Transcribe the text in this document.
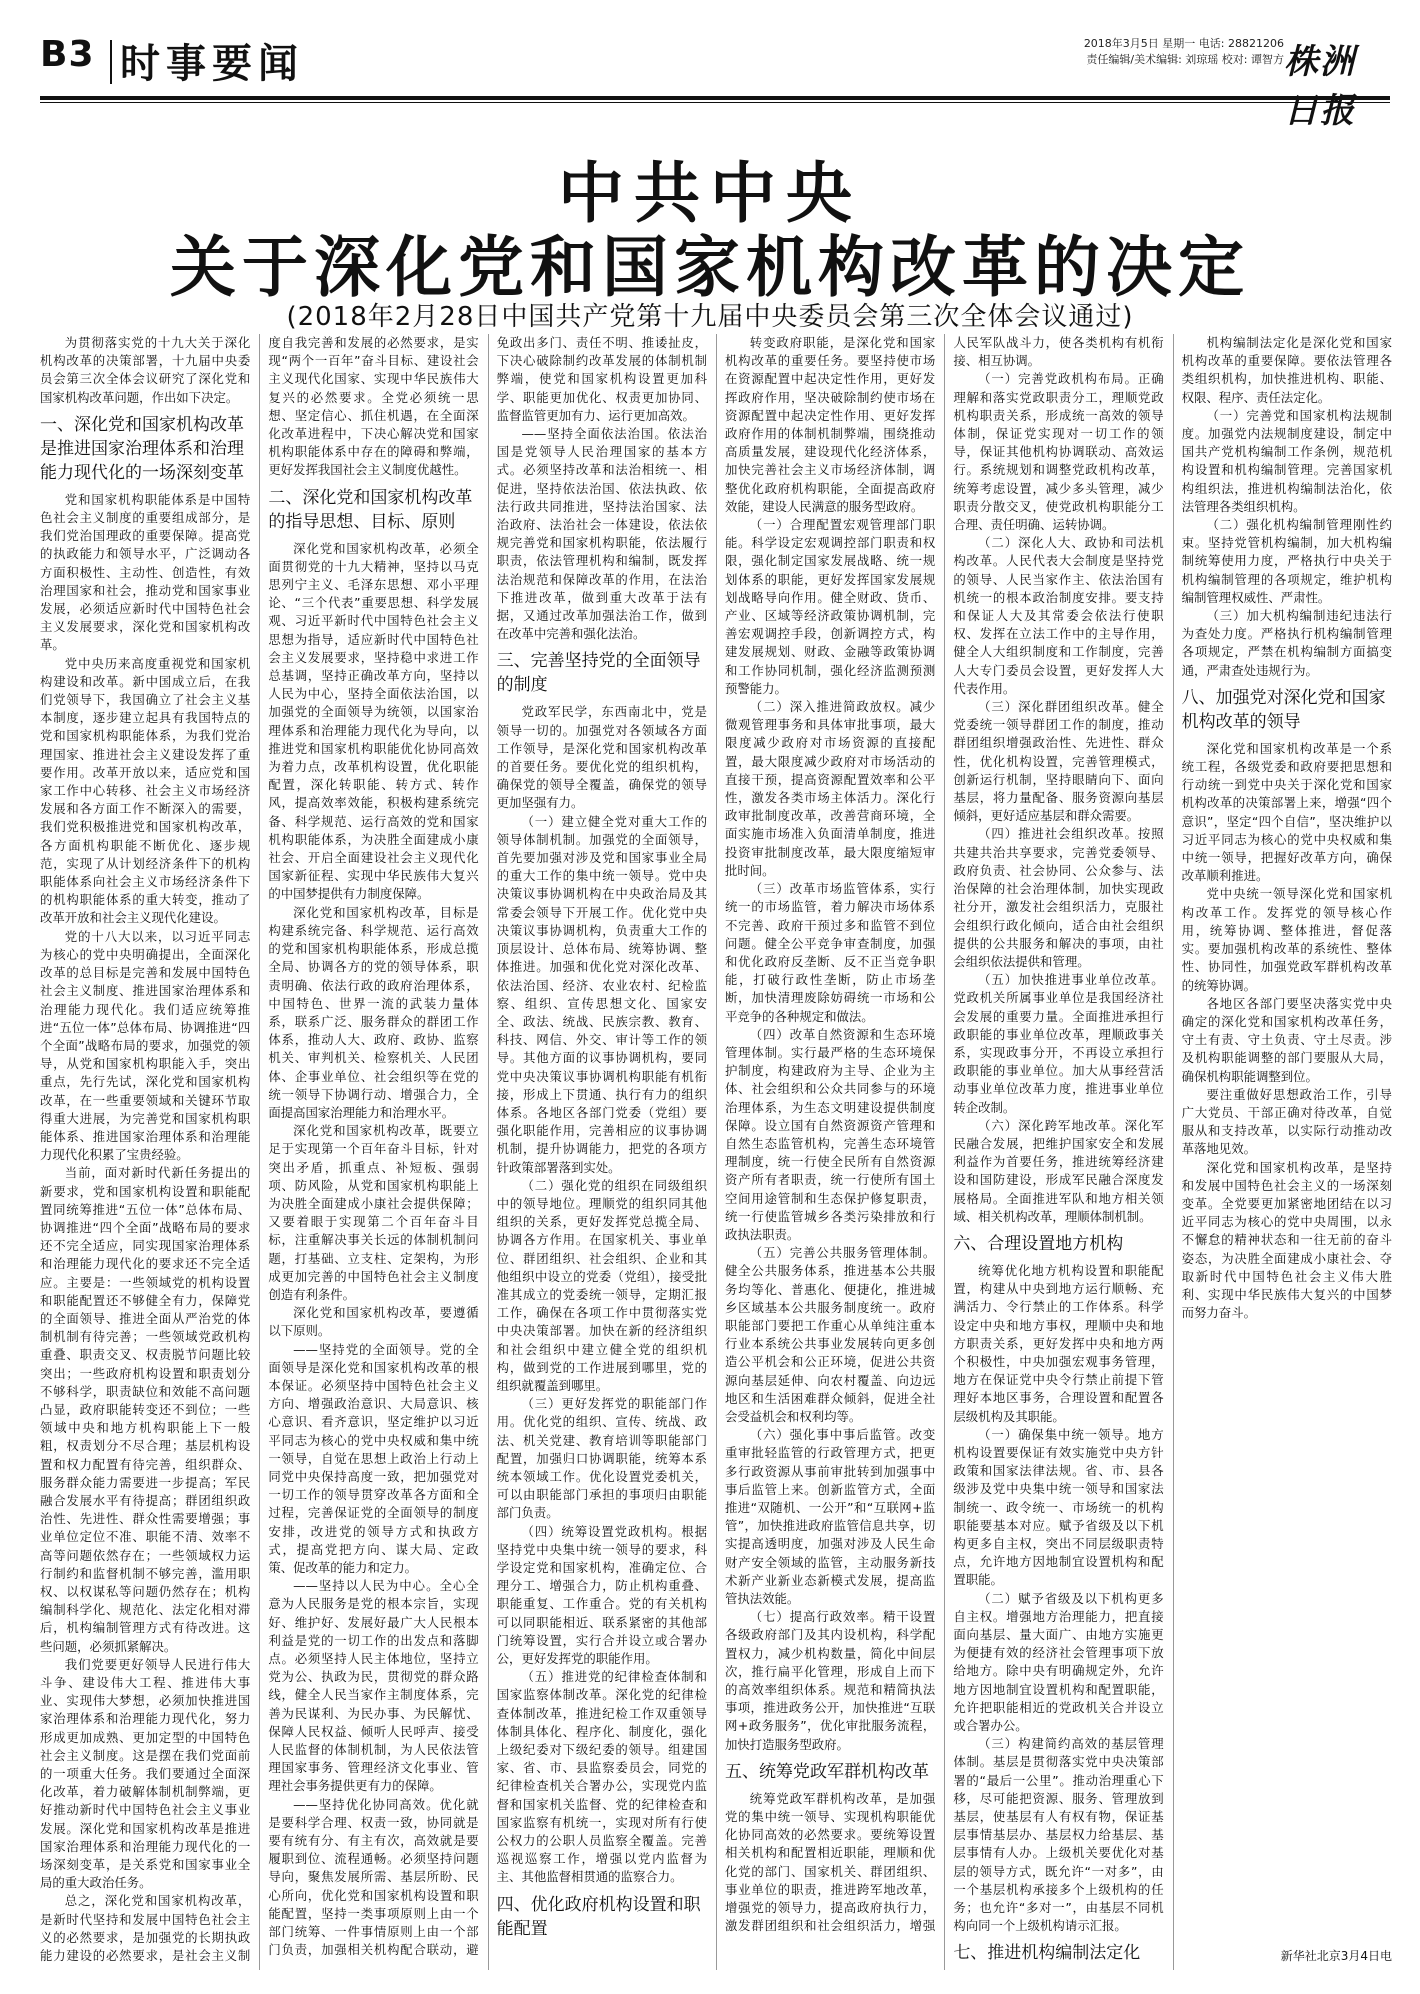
B3 时事要闻	2018年3月5日 星期一 电话: 28821206
责任编辑/美术编辑: 刘琼瑶 校对: 谭智方 株洲日报
中共中央
关于深化党和国家机构改革的决定
(2018年2月28日中国共产党第十九届中央委员会第三次全体会议通过)

为贯彻落实党的十九大关于深化机构改革的决策部署，十九届中央委员会第三次全体会议研究了深化党和国家机构改革问题，作出如下决定。

一、深化党和国家机构改革是推进国家治理体系和治理能力现代化的一场深刻变革

党和国家机构职能体系是中国特色社会主义制度的重要组成部分，是我们党治国理政的重要保障。提高党的执政能力和领导水平，广泛调动各方面积极性、主动性、创造性，有效治理国家和社会，推动党和国家事业发展，必须适应新时代中国特色社会主义发展要求，深化党和国家机构改革。

党中央历来高度重视党和国家机构建设和改革。新中国成立后，在我们党领导下，我国确立了社会主义基本制度，逐步建立起具有我国特点的党和国家机构职能体系，为我们党治理国家、推进社会主义建设发挥了重要作用。改革开放以来，适应党和国家工作中心转移、社会主义市场经济发展和各方面工作不断深入的需要，我们党积极推进党和国家机构改革，各方面机构职能不断优化、逐步规范，实现了从计划经济条件下的机构职能体系向社会主义市场经济条件下的机构职能体系的重大转变，推动了改革开放和社会主义现代化建设。

党的十八大以来，以习近平同志为核心的党中央明确提出，全面深化改革的总目标是完善和发展中国特色社会主义制度、推进国家治理体系和治理能力现代化。我们适应统筹推进“五位一体”总体布局、协调推进“四个全面”战略布局的要求，加强党的领导，从党和国家机构职能入手，突出重点，先行先试，深化党和国家机构改革，在一些重要领域和关键环节取得重大进展，为完善党和国家机构职能体系、推进国家治理体系和治理能力现代化积累了宝贵经验。

当前，面对新时代新任务提出的新要求，党和国家机构设置和职能配置同统筹推进“五位一体”总体布局、协调推进“四个全面”战略布局的要求还不完全适应，同实现国家治理体系和治理能力现代化的要求还不完全适应。主要是：一些领域党的机构设置和职能配置还不够健全有力，保障党的全面领导、推进全面从严治党的体制机制有待完善；一些领域党政机构重叠、职责交叉、权责脱节问题比较突出；一些政府机构设置和职责划分不够科学，职责缺位和效能不高问题凸显，政府职能转变还不到位；一些领域中央和地方机构职能上下一般粗，权责划分不尽合理；基层机构设置和权力配置有待完善，组织群众、服务群众能力需要进一步提高；军民融合发展水平有待提高；群团组织政治性、先进性、群众性需要增强；事业单位定位不准、职能不清、效率不高等问题依然存在；一些领域权力运行制约和监督机制不够完善，滥用职权、以权谋私等问题仍然存在；机构编制科学化、规范化、法定化相对滞后，机构编制管理方式有待改进。这些问题，必须抓紧解决。

我们党要更好领导人民进行伟大斗争、建设伟大工程、推进伟大事业、实现伟大梦想，必须加快推进国家治理体系和治理能力现代化，努力形成更加成熟、更加定型的中国特色社会主义制度。这是摆在我们党面前的一项重大任务。我们要通过全面深化改革，着力破解体制机制弊端，更好推动新时代中国特色社会主义事业发展。深化党和国家机构改革是推进国家治理体系和治理能力现代化的一场深刻变革，是关系党和国家事业全局的重大政治任务。

总之，深化党和国家机构改革，是新时代坚持和发展中国特色社会主义的必然要求，是加强党的长期执政能力建设的必然要求，是社会主义制度自我完善和发展的必然要求，是实现“两个一百年”奋斗目标、建设社会主义现代化国家、实现中华民族伟大复兴的必然要求。全党必须统一思想、坚定信心、抓住机遇，在全面深化改革进程中，下决心解决党和国家机构职能体系中存在的障碍和弊端，更好发挥我国社会主义制度优越性。

二、深化党和国家机构改革的指导思想、目标、原则

深化党和国家机构改革，必须全面贯彻党的十九大精神，坚持以马克思列宁主义、毛泽东思想、邓小平理论、“三个代表”重要思想、科学发展观、习近平新时代中国特色社会主义思想为指导，适应新时代中国特色社会主义发展要求，坚持稳中求进工作总基调，坚持正确改革方向，坚持以人民为中心，坚持全面依法治国，以加强党的全面领导为统领，以国家治理体系和治理能力现代化为导向，以推进党和国家机构职能优化协同高效为着力点，改革机构设置，优化职能配置，深化转职能、转方式、转作风，提高效率效能，积极构建系统完备、科学规范、运行高效的党和国家机构职能体系，为决胜全面建成小康社会、开启全面建设社会主义现代化国家新征程、实现中华民族伟大复兴的中国梦提供有力制度保障。

深化党和国家机构改革，目标是构建系统完备、科学规范、运行高效的党和国家机构职能体系，形成总揽全局、协调各方的党的领导体系，职责明确、依法行政的政府治理体系，中国特色、世界一流的武装力量体系，联系广泛、服务群众的群团工作体系，推动人大、政府、政协、监察机关、审判机关、检察机关、人民团体、企事业单位、社会组织等在党的统一领导下协调行动、增强合力，全面提高国家治理能力和治理水平。

深化党和国家机构改革，既要立足于实现第一个百年奋斗目标，针对突出矛盾，抓重点、补短板、强弱项、防风险，从党和国家机构职能上为决胜全面建成小康社会提供保障；又要着眼于实现第二个百年奋斗目标，注重解决事关长远的体制机制问题，打基础、立支柱、定架构，为形成更加完善的中国特色社会主义制度创造有利条件。

深化党和国家机构改革，要遵循以下原则。

——坚持党的全面领导。党的全面领导是深化党和国家机构改革的根本保证。必须坚持中国特色社会主义方向、增强政治意识、大局意识、核心意识、看齐意识，坚定维护以习近平同志为核心的党中央权威和集中统一领导，自觉在思想上政治上行动上同党中央保持高度一致，把加强党对一切工作的领导贯穿改革各方面和全过程，完善保证党的全面领导的制度安排，改进党的领导方式和执政方式，提高党把方向、谋大局、定政策、促改革的能力和定力。

——坚持以人民为中心。全心全意为人民服务是党的根本宗旨，实现好、维护好、发展好最广大人民根本利益是党的一切工作的出发点和落脚点。必须坚持人民主体地位，坚持立党为公、执政为民，贯彻党的群众路线，健全人民当家作主制度体系，完善为民谋利、为民办事、为民解忧、保障人民权益、倾听人民呼声、接受人民监督的体制机制，为人民依法管理国家事务、管理经济文化事业、管理社会事务提供更有力的保障。

——坚持优化协同高效。优化就是要科学合理、权责一致，协同就是要有统有分、有主有次，高效就是要履职到位、流程通畅。必须坚持问题导向，聚焦发展所需、基层所盼、民心所向，优化党和国家机构设置和职能配置，坚持一类事项原则上由一个部门统筹、一件事情原则上由一个部门负责，加强相关机构配合联动，避免政出多门、责任不明、推诿扯皮，下决心破除制约改革发展的体制机制弊端，使党和国家机构设置更加科学、职能更加优化、权责更加协同、监督监管更加有力、运行更加高效。

——坚持全面依法治国。依法治国是党领导人民治理国家的基本方式。必须坚持改革和法治相统一、相促进，坚持依法治国、依法执政、依法行政共同推进，坚持法治国家、法治政府、法治社会一体建设，依法依规完善党和国家机构职能，依法履行职责，依法管理机构和编制，既发挥法治规范和保障改革的作用，在法治下推进改革，做到重大改革于法有据，又通过改革加强法治工作，做到在改革中完善和强化法治。

三、完善坚持党的全面领导的制度

党政军民学，东西南北中，党是领导一切的。加强党对各领域各方面工作领导，是深化党和国家机构改革的首要任务。要优化党的组织机构，确保党的领导全覆盖，确保党的领导更加坚强有力。

（一）建立健全党对重大工作的领导体制机制。加强党的全面领导，首先要加强对涉及党和国家事业全局的重大工作的集中统一领导。党中央决策议事协调机构在中央政治局及其常委会领导下开展工作。优化党中央决策议事协调机构，负责重大工作的顶层设计、总体布局、统筹协调、整体推进。加强和优化党对深化改革、依法治国、经济、农业农村、纪检监察、组织、宣传思想文化、国家安全、政法、统战、民族宗教、教育、科技、网信、外交、审计等工作的领导。其他方面的议事协调机构，要同党中央决策议事协调机构职能有机衔接，形成上下贯通、执行有力的组织体系。各地区各部门党委（党组）要强化职能作用，完善相应的议事协调机制，提升协调能力，把党的各项方针政策部署落到实处。

（二）强化党的组织在同级组织中的领导地位。理顺党的组织同其他组织的关系，更好发挥党总揽全局、协调各方作用。在国家机关、事业单位、群团组织、社会组织、企业和其他组织中设立的党委（党组），接受批准其成立的党委统一领导，定期汇报工作，确保在各项工作中贯彻落实党中央决策部署。加快在新的经济组织和社会组织中建立健全党的组织机构，做到党的工作进展到哪里，党的组织就覆盖到哪里。

（三）更好发挥党的职能部门作用。优化党的组织、宣传、统战、政法、机关党建、教育培训等职能部门配置，加强归口协调职能，统筹本系统本领域工作。优化设置党委机关，可以由职能部门承担的事项归由职能部门负责。

（四）统筹设置党政机构。根据坚持党中央集中统一领导的要求，科学设定党和国家机构，准确定位、合理分工、增强合力，防止机构重叠、职能重复、工作重合。党的有关机构可以同职能相近、联系紧密的其他部门统筹设置，实行合并设立或合署办公，更好发挥党的职能作用。

（五）推进党的纪律检查体制和国家监察体制改革。深化党的纪律检查体制改革，推进纪检工作双重领导体制具体化、程序化、制度化，强化上级纪委对下级纪委的领导。组建国家、省、市、县监察委员会，同党的纪律检查机关合署办公，实现党内监督和国家机关监督、党的纪律检查和国家监察有机统一，实现对所有行使公权力的公职人员监察全覆盖。完善巡视巡察工作，增强以党内监督为主、其他监督相贯通的监察合力。

四、优化政府机构设置和职能配置

转变政府职能，是深化党和国家机构改革的重要任务。要坚持使市场在资源配置中起决定性作用，更好发挥政府作用，坚决破除制约使市场在资源配置中起决定性作用、更好发挥政府作用的体制机制弊端，围绕推动高质量发展，建设现代化经济体系，加快完善社会主义市场经济体制，调整优化政府机构职能，全面提高政府效能，建设人民满意的服务型政府。

（一）合理配置宏观管理部门职能。科学设定宏观调控部门职责和权限，强化制定国家发展战略、统一规划体系的职能，更好发挥国家发展规划战略导向作用。健全财政、货币、产业、区域等经济政策协调机制，完善宏观调控手段，创新调控方式，构建发展规划、财政、金融等政策协调和工作协同机制，强化经济监测预测预警能力。

（二）深入推进简政放权。减少微观管理事务和具体审批事项，最大限度减少政府对市场资源的直接配置，最大限度减少政府对市场活动的直接干预，提高资源配置效率和公平性，激发各类市场主体活力。深化行政审批制度改革，改善营商环境，全面实施市场准入负面清单制度，推进投资审批制度改革，最大限度缩短审批时间。

（三）改革市场监管体系，实行统一的市场监管，着力解决市场体系不完善、政府干预过多和监管不到位问题。健全公平竞争审查制度，加强和优化政府反垄断、反不正当竞争职能，打破行政性垄断，防止市场垄断，加快清理废除妨碍统一市场和公平竞争的各种规定和做法。

（四）改革自然资源和生态环境管理体制。实行最严格的生态环境保护制度，构建政府为主导、企业为主体、社会组织和公众共同参与的环境治理体系，为生态文明建设提供制度保障。设立国有自然资源资产管理和自然生态监管机构，完善生态环境管理制度，统一行使全民所有自然资源资产所有者职责，统一行使所有国土空间用途管制和生态保护修复职责，统一行使监管城乡各类污染排放和行政执法职责。

（五）完善公共服务管理体制。健全公共服务体系，推进基本公共服务均等化、普惠化、便捷化，推进城乡区域基本公共服务制度统一。政府职能部门要把工作重心从单纯注重本行业本系统公共事业发展转向更多创造公平机会和公正环境，促进公共资源向基层延伸、向农村覆盖、向边远地区和生活困难群众倾斜，促进全社会受益机会和权利均等。

（六）强化事中事后监管。改变重审批轻监管的行政管理方式，把更多行政资源从事前审批转到加强事中事后监管上来。创新监管方式，全面推进“双随机、一公开”和“互联网+监管”，加快推进政府监管信息共享，切实提高透明度，加强对涉及人民生命财产安全领域的监管，主动服务新技术新产业新业态新模式发展，提高监管执法效能。

（七）提高行政效率。精干设置各级政府部门及其内设机构，科学配置权力，减少机构数量，简化中间层次，推行扁平化管理，形成自上而下的高效率组织体系。规范和精简执法事项，推进政务公开，加快推进“互联网+政务服务”，优化审批服务流程，加快打造服务型政府。

五、统筹党政军群机构改革

统筹党政军群机构改革，是加强党的集中统一领导、实现机构职能优化协同高效的必然要求。要统筹设置相关机构和配置相近职能，理顺和优化党的部门、国家机关、群团组织、事业单位的职责，推进跨军地改革，增强党的领导力，提高政府执行力，激发群团组织和社会组织活力，增强人民军队战斗力，使各类机构有机衔接、相互协调。

（一）完善党政机构布局。正确理解和落实党政职责分工，理顺党政机构职责关系，形成统一高效的领导体制，保证党实现对一切工作的领导，保证其他机构协调联动、高效运行。系统规划和调整党政机构改革，统筹考虑设置，减少多头管理，减少职责分散交叉，使党政机构职能分工合理、责任明确、运转协调。

（二）深化人大、政协和司法机构改革。人民代表大会制度是坚持党的领导、人民当家作主、依法治国有机统一的根本政治制度安排。要支持和保证人大及其常委会依法行使职权、发挥在立法工作中的主导作用，健全人大组织制度和工作制度，完善人大专门委员会设置，更好发挥人大代表作用。

（三）深化群团组织改革。健全党委统一领导群团工作的制度，推动群团组织增强政治性、先进性、群众性，优化机构设置，完善管理模式，创新运行机制，坚持眼睛向下、面向基层，将力量配备、服务资源向基层倾斜，更好适应基层和群众需要。

（四）推进社会组织改革。按照共建共治共享要求，完善党委领导、政府负责、社会协同、公众参与、法治保障的社会治理体制，加快实现政社分开，激发社会组织活力，克服社会组织行政化倾向，适合由社会组织提供的公共服务和解决的事项，由社会组织依法提供和管理。

（五）加快推进事业单位改革。党政机关所属事业单位是我国经济社会发展的重要力量。全面推进承担行政职能的事业单位改革，理顺政事关系，实现政事分开，不再设立承担行政职能的事业单位。加大从事经营活动事业单位改革力度，推进事业单位转企改制。

（六）深化跨军地改革。深化军民融合发展，把维护国家安全和发展利益作为首要任务，推进统筹经济建设和国防建设，形成军民融合深度发展格局。全面推进军队和地方相关领域、相关机构改革，理顺体制机制。

六、合理设置地方机构

统筹优化地方机构设置和职能配置，构建从中央到地方运行顺畅、充满活力、令行禁止的工作体系。科学设定中央和地方事权，理顺中央和地方职责关系，更好发挥中央和地方两个积极性，中央加强宏观事务管理，地方在保证党中央令行禁止前提下管理好本地区事务，合理设置和配置各层级机构及其职能。

（一）确保集中统一领导。地方机构设置要保证有效实施党中央方针政策和国家法律法规。省、市、县各级涉及党中央集中统一领导和国家法制统一、政令统一、市场统一的机构职能要基本对应。赋予省级及以下机构更多自主权，突出不同层级职责特点，允许地方因地制宜设置机构和配置职能。

（二）赋予省级及以下机构更多自主权。增强地方治理能力，把直接面向基层、量大面广、由地方实施更为便捷有效的经济社会管理事项下放给地方。除中央有明确规定外，允许地方因地制宜设置机构和配置职能，允许把职能相近的党政机关合并设立或合署办公。

（三）构建简约高效的基层管理体制。基层是贯彻落实党中央决策部署的“最后一公里”。推动治理重心下移，尽可能把资源、服务、管理放到基层，使基层有人有权有物，保证基层事情基层办、基层权力给基层、基层事情有人办。上级机关要优化对基层的领导方式，既允许“一对多”，由一个基层机构承接多个上级机构的任务；也允许“多对一”，由基层不同机构向同一个上级机构请示汇报。

七、推进机构编制法定化

机构编制法定化是深化党和国家机构改革的重要保障。要依法管理各类组织机构，加快推进机构、职能、权限、程序、责任法定化。

（一）完善党和国家机构法规制度。加强党内法规制度建设，制定中国共产党机构编制工作条例，规范机构设置和机构编制管理。完善国家机构组织法，推进机构编制法治化，依法管理各类组织机构。

（二）强化机构编制管理刚性约束。坚持党管机构编制，加大机构编制统筹使用力度，严格执行中央关于机构编制管理的各项规定，维护机构编制管理权威性、严肃性。

（三）加大机构编制违纪违法行为查处力度。严格执行机构编制管理各项规定，严禁在机构编制方面搞变通，严肃查处违规行为。

八、加强党对深化党和国家机构改革的领导

深化党和国家机构改革是一个系统工程，各级党委和政府要把思想和行动统一到党中央关于深化党和国家机构改革的决策部署上来，增强“四个意识”，坚定“四个自信”，坚决维护以习近平同志为核心的党中央权威和集中统一领导，把握好改革方向，确保改革顺利推进。

党中央统一领导深化党和国家机构改革工作。发挥党的领导核心作用，统筹协调、整体推进，督促落实。要加强机构改革的系统性、整体性、协同性，加强党政军群机构改革的统筹协调。

各地区各部门要坚决落实党中央确定的深化党和国家机构改革任务，守土有责、守土负责、守土尽责。涉及机构职能调整的部门要服从大局，确保机构职能调整到位。

要注重做好思想政治工作，引导广大党员、干部正确对待改革，自觉服从和支持改革，以实际行动推动改革落地见效。

深化党和国家机构改革，是坚持和发展中国特色社会主义的一场深刻变革。全党要更加紧密地团结在以习近平同志为核心的党中央周围，以永不懈怠的精神状态和一往无前的奋斗姿态，为决胜全面建成小康社会、夺取新时代中国特色社会主义伟大胜利、实现中华民族伟大复兴的中国梦而努力奋斗。

新华社北京3月4日电
